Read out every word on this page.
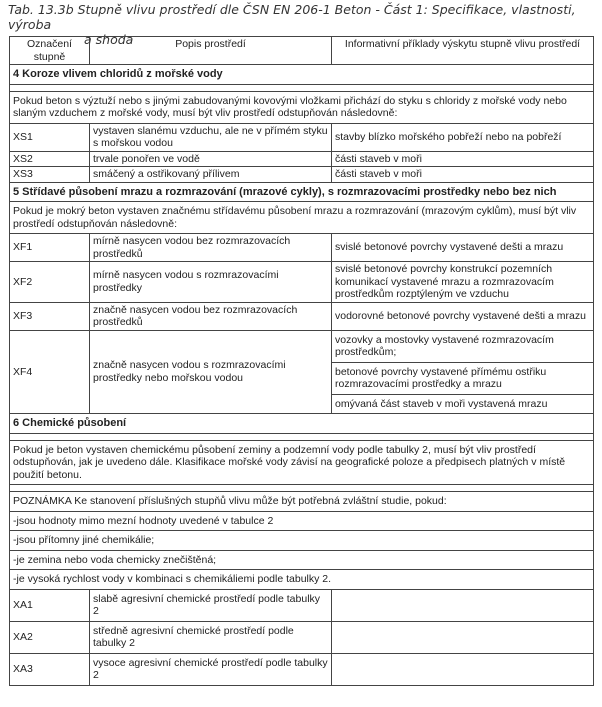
Tab. 13.3b Stupně vlivu prostředí dle ČSN EN 206-1 Beton - Část 1: Specifikace, vlastnosti, výroba
a shoda
Označení stupně	Popis prostředí	Informativní příklady výskytu stupně vlivu prostředí
4 Koroze vlivem chloridů z mořské vody		

Pokud beton s výztuží nebo s jinými zabudovanými kovovými vložkami přichází do styku s chloridy z mořské vody nebo slaným vzduchem z mořské vody, musí být vliv prostředí odstupňován následovně:		
XS1	vystaven slanému vzduchu, ale ne v přímém styku s mořskou vodou	stavby blízko mořského pobřeží nebo na pobřeží
XS2	trvale ponořen ve vodě	části staveb v moři
XS3	smáčený a ostřikovaný přílivem	části staveb v moři
5 Střídavé působení mrazu a rozmrazování (mrazové cykly), s rozmrazovacími prostředky nebo bez nich		
Pokud je mokrý beton vystaven značnému střídavému působení mrazu a rozmrazování (mrazovým cyklům), musí být vliv prostředí odstupňován následovně:		
XF1	mírně nasycen vodou bez rozmrazovacích prostředků	svislé betonové povrchy vystavené dešti a mrazu
XF2	mírně nasycen vodou s rozmrazovacími prostředky	svislé betonové povrchy konstrukcí pozemních komunikací vystavené mrazu a rozmrazovacím prostředkům rozptýleným ve vzduchu
XF3	značně nasycen vodou bez rozmrazovacích prostředků	vodorovné betonové povrchy vystavené dešti a mrazu
XF4	značně nasycen vodou s rozmrazovacími prostředky nebo mořskou vodou	vozovky a mostovky vystavené rozmrazovacím prostředkům;
		betonové povrchy vystavené přímému ostřiku rozmrazovacími prostředky a mrazu
		omývaná část staveb v moři vystavená mrazu
6 Chemické působení		

Pokud je beton vystaven chemickému působení zeminy a podzemní vody podle tabulky 2, musí být vliv prostředí odstupňován, jak je uvedeno dále. Klasifikace mořské vody závisí na geografické poloze a předpisech platných v místě použití betonu.		

POZNÁMKA Ke stanovení příslušných stupňů vlivu může být potřebná zvláštní studie, pokud:		
-jsou hodnoty mimo mezní hodnoty uvedené v tabulce 2		
-jsou přítomny jiné chemikálie;		
-je zemina nebo voda chemicky znečištěná;		
-je vysoká rychlost vody v kombinaci s chemikáliemi podle tabulky 2.		
XA1	slabě agresivní chemické prostředí podle tabulky 2	
XA2	středně agresivní chemické prostředí podle tabulky 2	
XA3	vysoce agresivní chemické prostředí podle tabulky 2	
